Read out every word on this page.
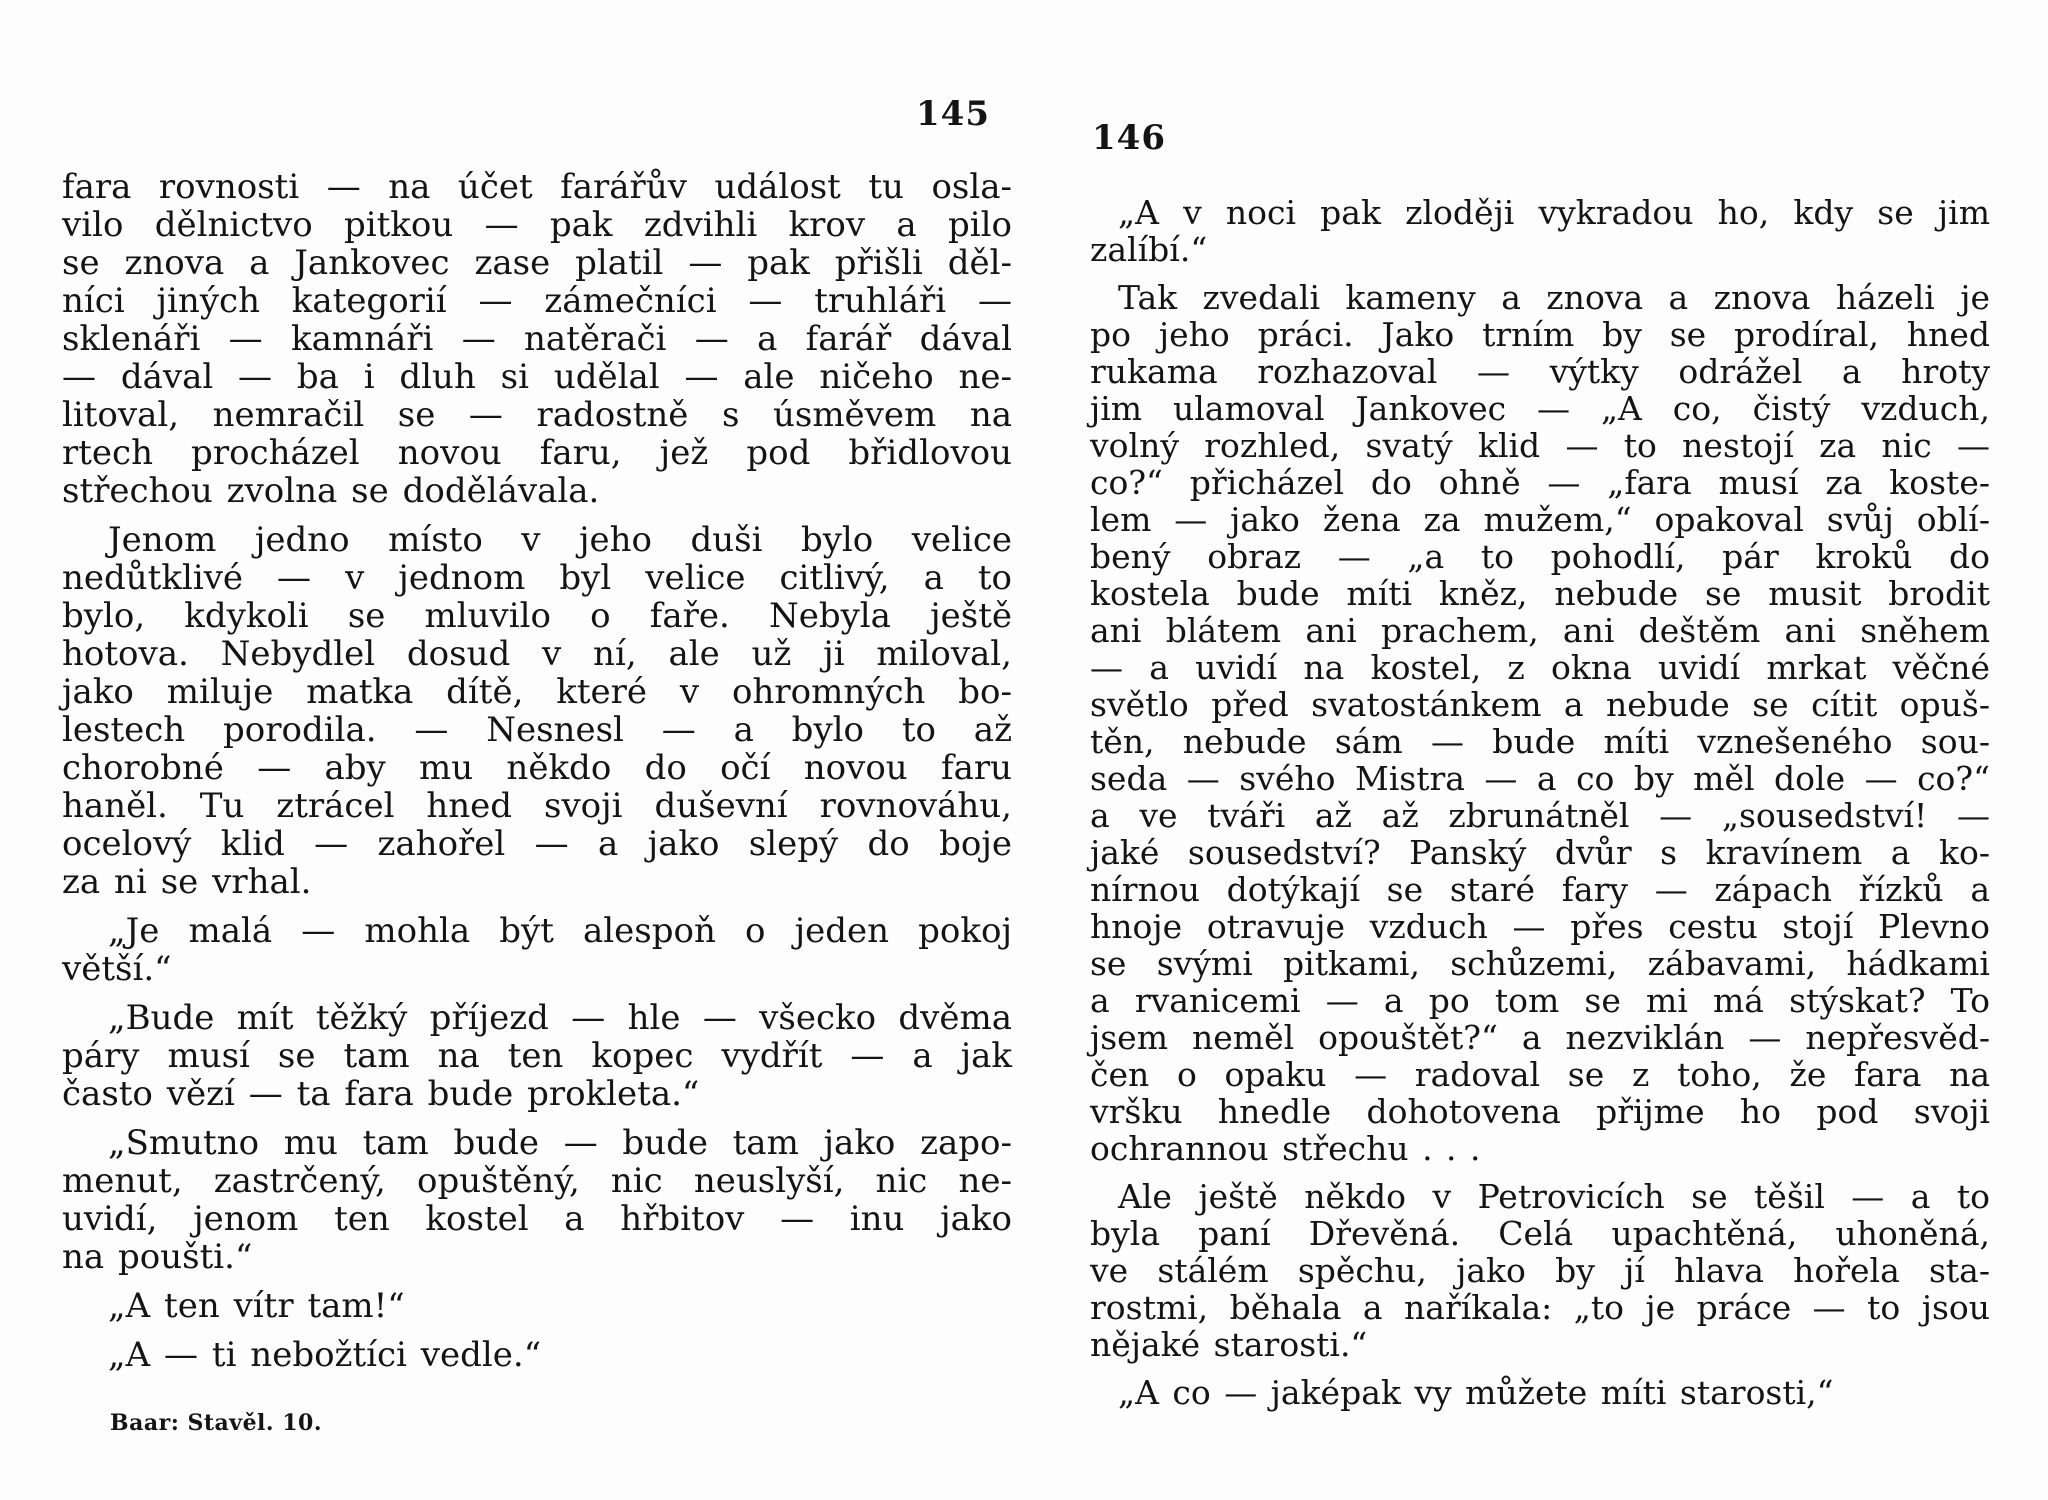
145
146

fara rovnosti — na účet farářův událost tu osla-
vilo dělnictvo pitkou — pak zdvihli krov a pilo
se znova a Jankovec zase platil — pak přišli děl-
níci jiných kategorií — zámečníci — truhláři —
sklenáři — kamnáři — natěrači — a farář dával
— dával — ba i dluh si udělal — ale ničeho ne-
litoval, nemračil se — radostně s úsměvem na
rtech procházel novou faru, jež pod břidlovou
střechou zvolna se dodělávala.

Jenom jedno místo v jeho duši bylo velice
nedůtklivé — v jednom byl velice citlivý, a to
bylo, kdykoli se mluvilo o faře. Nebyla ještě
hotova. Nebydlel dosud v ní, ale už ji miloval,
jako miluje matka dítě, které v ohromných bo-
lestech porodila. — Nesnesl — a bylo to až
chorobné — aby mu někdo do očí novou faru
haněl. Tu ztrácel hned svoji duševní rovnováhu,
ocelový klid — zahořel — a jako slepý do boje
za ni se vrhal.

„Je malá — mohla být alespoň o jeden pokoj
větší.“

„Bude mít těžký příjezd — hle — všecko dvěma
páry musí se tam na ten kopec vydřít — a jak
často vězí — ta fara bude prokleta.“

„Smutno mu tam bude — bude tam jako zapo-
menut, zastrčený, opuštěný, nic neuslyší, nic ne-
uvidí, jenom ten kostel a hřbitov — inu jako
na poušti.“

„A ten vítr tam!“

„A — ti nebožtíci vedle.“

„A v noci pak zloději vykradou ho, kdy se jim
zalíbí.“

Tak zvedali kameny a znova a znova házeli je
po jeho práci. Jako trním by se prodíral, hned
rukama rozhazoval — výtky odrážel a hroty
jim ulamoval Jankovec — „A co, čistý vzduch,
volný rozhled, svatý klid — to nestojí za nic —
co?“ přicházel do ohně — „fara musí za koste-
lem — jako žena za mužem,“ opakoval svůj oblí-
bený obraz — „a to pohodlí, pár kroků do
kostela bude míti kněz, nebude se musit brodit
ani blátem ani prachem, ani deštěm ani sněhem
— a uvidí na kostel, z okna uvidí mrkat věčné
světlo před svatostánkem a nebude se cítit opuš-
těn, nebude sám — bude míti vznešeného sou-
seda — svého Mistra — a co by měl dole — co?“
a ve tváři až až zbrunátněl — „sousedství! —
jaké sousedství? Panský dvůr s kravínem a ko-
nírnou dotýkají se staré fary — zápach řízků a
hnoje otravuje vzduch — přes cestu stojí Plevno
se svými pitkami, schůzemi, zábavami, hádkami
a rvanicemi — a po tom se mi má stýskat? To
jsem neměl opouštět?“ a nezviklán — nepřesvěd-
čen o opaku — radoval se z toho, že fara na
vršku hnedle dohotovena přijme ho pod svoji
ochrannou střechu . . .

Ale ještě někdo v Petrovicích se těšil — a to
byla paní Dřevěná. Celá upachtěná, uhoněná,
ve stálém spěchu, jako by jí hlava hořela sta-
rostmi, běhala a naříkala: „to je práce — to jsou
nějaké starosti.“

„A co — jaképak vy můžete míti starosti,“

Baar: Stavěl. 10.
